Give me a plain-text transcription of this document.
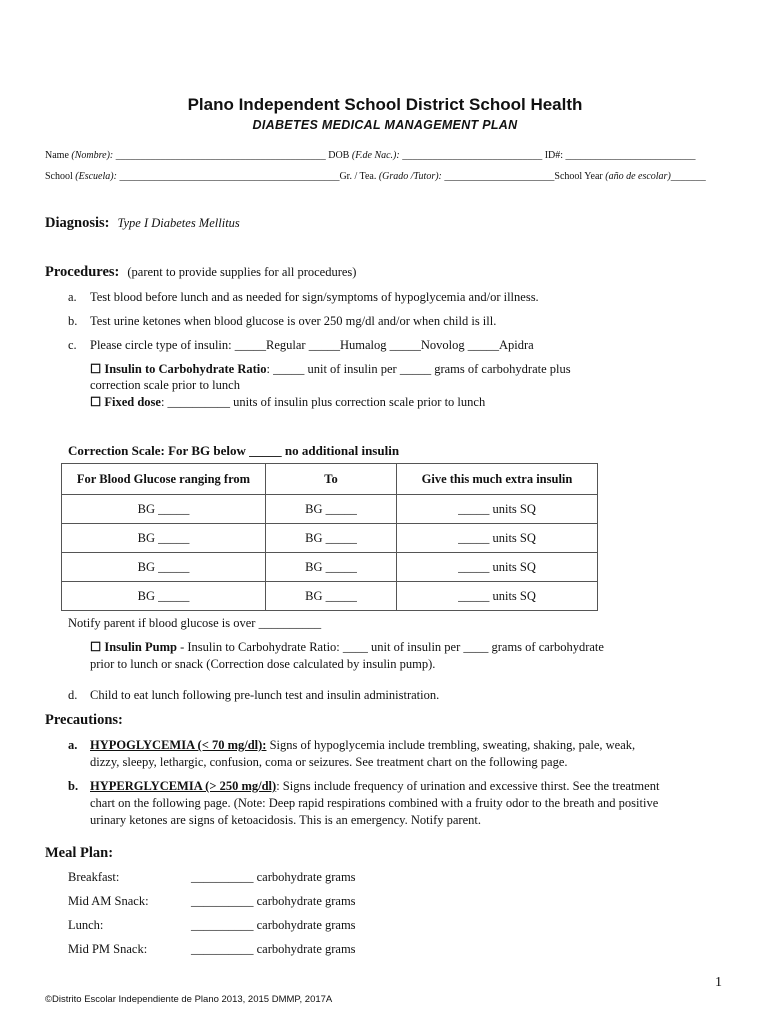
Plano Independent School District School Health
DIABETES MEDICAL MANAGEMENT PLAN
Name (Nombre): __________________________________________ DOB (F.de Nac.): ____________________________ ID#: __________________________
School (Escuela): ____________________________________________Gr. / Tea. (Grado /Tutor): ______________________School Year (año de escolar)_______
Diagnosis: Type I Diabetes Mellitus
Procedures: (parent to provide supplies for all procedures)
a. Test blood before lunch and as needed for sign/symptoms of hypoglycemia and/or illness.
b. Test urine ketones when blood glucose is over 250 mg/dl and/or when child is ill.
c. Please circle type of insulin: _____Regular _____Humalog _____Novolog _____Apidra
☐ Insulin to Carbohydrate Ratio: _____ unit of insulin per _____ grams of carbohydrate plus
correction scale prior to lunch
☐ Fixed dose: __________ units of insulin plus correction scale prior to lunch
Correction Scale: For BG below _____ no additional insulin
For Blood Glucose ranging from	To	Give this much extra insulin
BG _____	BG _____	_____ units SQ
BG _____	BG _____	_____ units SQ
BG _____	BG _____	_____ units SQ
BG _____	BG _____	_____ units SQ
Notify parent if blood glucose is over __________
☐ Insulin Pump - Insulin to Carbohydrate Ratio: ____ unit of insulin per ____ grams of carbohydrate
prior to lunch or snack (Correction dose calculated by insulin pump).
d. Child to eat lunch following pre-lunch test and insulin administration.
Precautions:
a. HYPOGLYCEMIA (< 70 mg/dl): Signs of hypoglycemia include trembling, sweating, shaking, pale, weak,
dizzy, sleepy, lethargic, confusion, coma or seizures. See treatment chart on the following page.
b. HYPERGLYCEMIA (> 250 mg/dl): Signs include frequency of urination and excessive thirst. See the treatment
chart on the following page. (Note: Deep rapid respirations combined with a fruity odor to the breath and positive
urinary ketones are signs of ketoacidosis. This is an emergency. Notify parent.
Meal Plan:
Breakfast:	__________ carbohydrate grams
Mid AM Snack:	__________ carbohydrate grams
Lunch:	__________ carbohydrate grams
Mid PM Snack:	__________ carbohydrate grams
1
©Distrito Escolar Independiente de Plano 2013, 2015 DMMP, 2017A
